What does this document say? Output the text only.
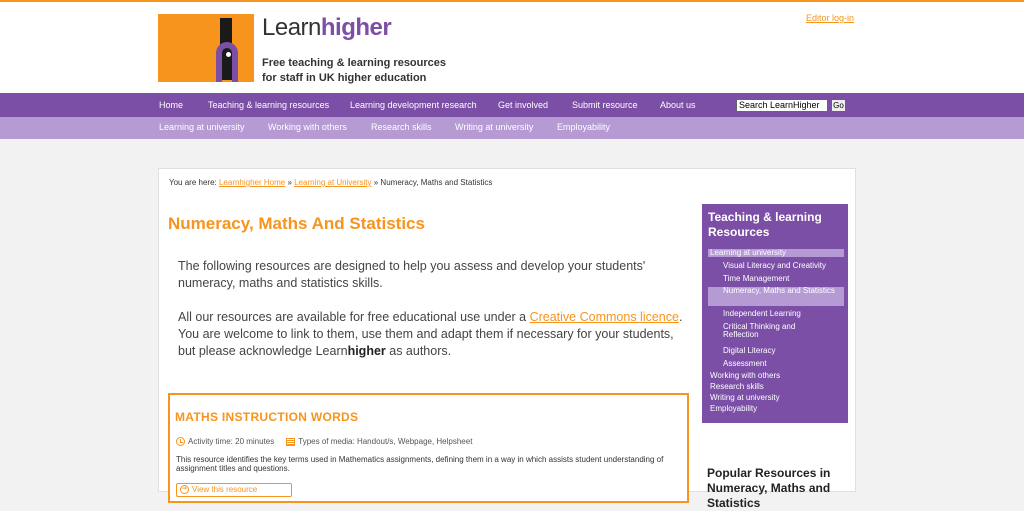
Learnhigher
Free teaching & learning resources
for staff in UK higher education
Editor log-in
Home	Teaching & learning resources Learning development research Get involved	Submit resource About us	Search LearnHigher	Go
Learning at university	Working with others	Research skills	Writing at university	Employability
You are here: Learnhigher Home » Learning at University » Numeracy, Maths and Statistics
Numeracy, Maths And Statistics

The following resources are designed to help you assess and develop your students' numeracy, maths and statistics skills.

All our resources are available for free educational use under a Creative Commons licence. You are welcome to link to them, use them and adapt them if necessary for your students, but please acknowledge Learnhigher as authors.

MATHS INSTRUCTION WORDS
Activity time: 20 minutes	Types of media: Handout/s, Webpage, Helpsheet
This resource identifies the key terms used in Mathematics assignments, defining them in a way in which assists student understanding of assignment titles and questions.
➔ View this resource
Teaching & learning
Resources
Learning at university
Visual Literacy and Creativity
Time Management
Numeracy, Maths and Statistics
Independent Learning
Critical Thinking and Reflection
Digital Literacy
Assessment
Working with others
Research skills
Writing at university
Employability
Popular Resources in Numeracy, Maths and Statistics
